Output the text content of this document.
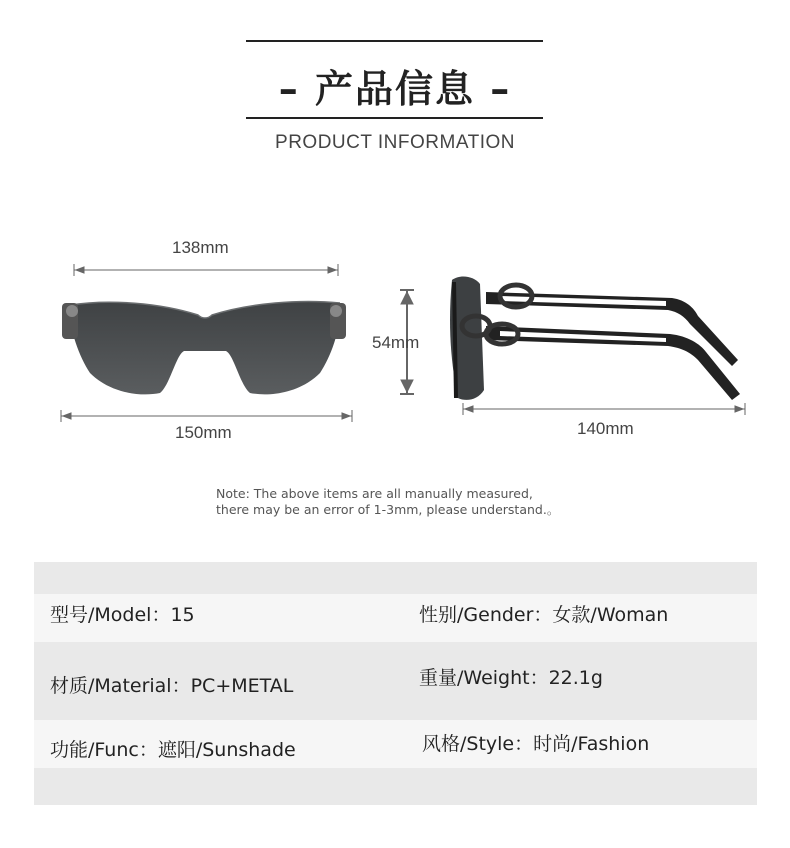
– 产品信息 –
PRODUCT INFORMATION
138mm
150mm
54mm
140mm
Note: The above items are all manually measured,
there may be an error of 1-3mm, please understand.。
型号/Model：15	性别/Gender：女款/Woman
材质/Material：PC+METAL	重量/Weight：22.1g
功能/Func：遮阳/Sunshade	风格/Style：时尚/Fashion
